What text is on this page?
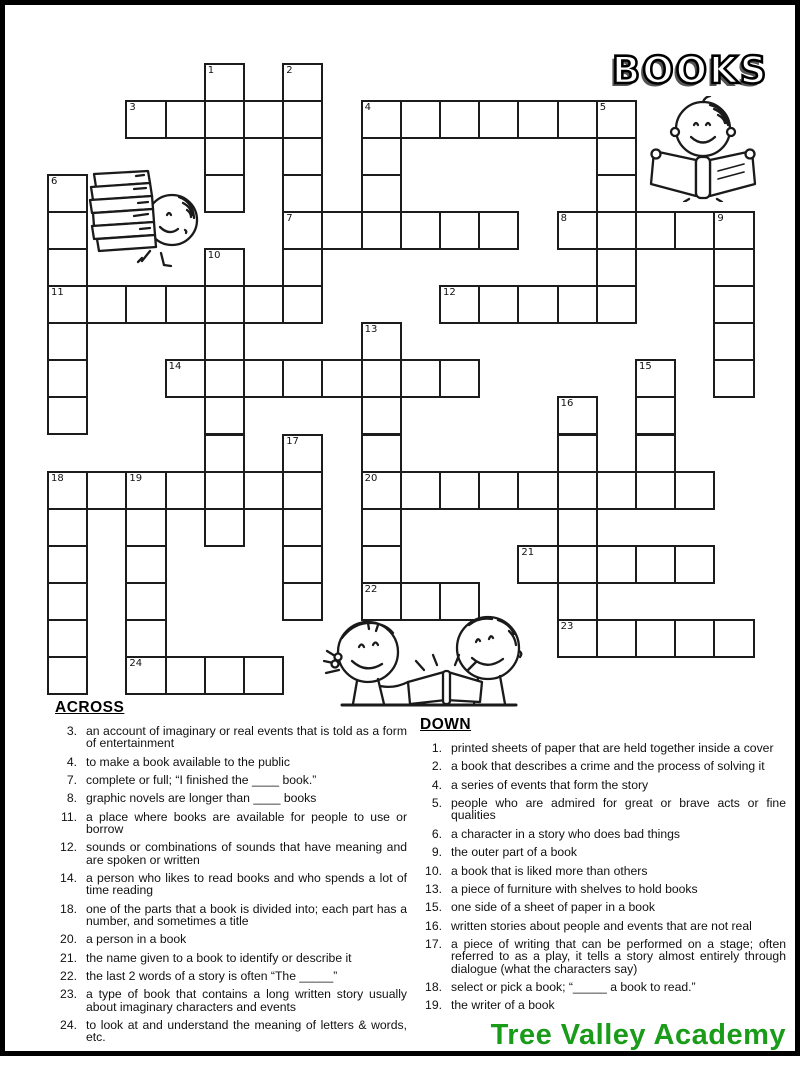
BOOKS
1	2
3	4	5
6
7	8	9
10
11	12
13
14	15
16
17
18	19	20
21
22
23
24
ACROSS
3. an account of imaginary or real events that is told as a form of entertainment
4. to make a book available to the public
7. complete or full; “I finished the ____ book.”
8. graphic novels are longer than ____ books
11. a place where books are available for people to use or borrow
12. sounds or combinations of sounds that have meaning and are spoken or written
14. a person who likes to read books and who spends a lot of time reading
18. one of the parts that a book is divided into; each part has a number, and sometimes a title
20. a person in a book
21. the name given to a book to identify or describe it
22. the last 2 words of a story is often “The _____”
23. a type of book that contains a long written story usually about imaginary characters and events
24. to look at and understand the meaning of letters & words, etc.
DOWN
1. printed sheets of paper that are held together inside a cover
2. a book that describes a crime and the process of solving it
4. a series of events that form the story
5. people who are admired for great or brave acts or fine qualities
6. a character in a story who does bad things
9. the outer part of a book
10. a book that is liked more than others
13. a piece of furniture with shelves to hold books
15. one side of a sheet of paper in a book
16. written stories about people and events that are not real
17. a piece of writing that can be performed on a stage; often referred to as a play, it tells a story almost entirely through dialogue (what the characters say)
18. select or pick a book; “_____ a book to read.”
19. the writer of a book
Tree Valley Academy
